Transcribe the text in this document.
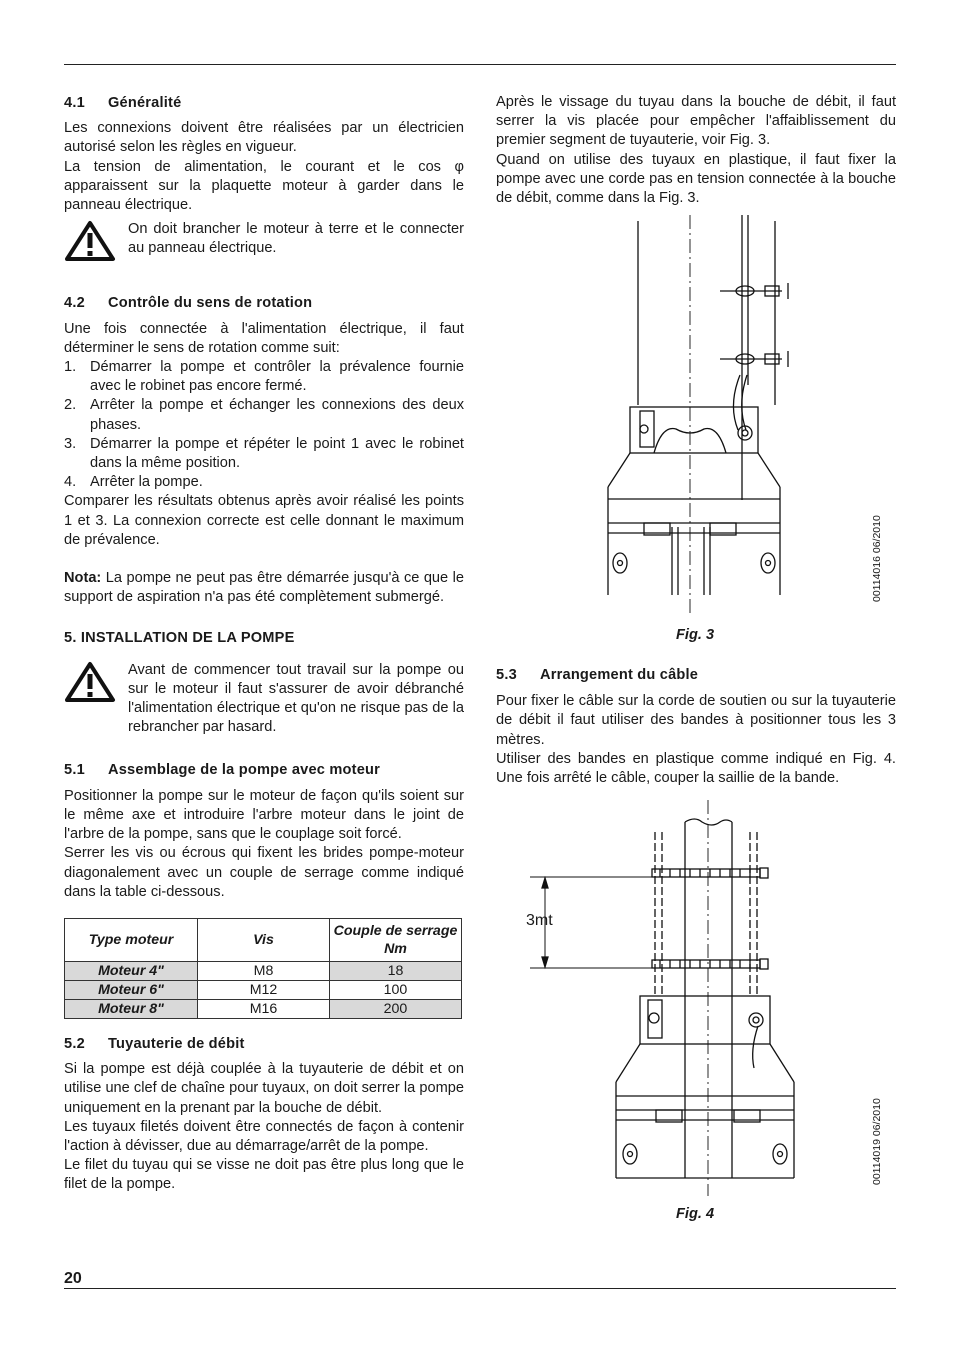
4.1 Généralité

Les connexions doivent être réalisées par un électricien autorisé selon les règles en vigueur.

La tension de alimentation, le courant et le cos φ apparaissent sur la plaquette moteur à garder dans le panneau électrique.

On doit brancher le moteur à terre et le connecter au panneau électrique.

4.2 Contrôle du sens de rotation

Une fois connectée à l'alimentation électrique, il faut déterminer le sens de rotation comme suit:

1. Démarrer la pompe et contrôler la prévalence fournie avec le robinet pas encore fermé.
2. Arrêter la pompe et échanger les connexions des deux phases.
3. Démarrer la pompe et répéter le point 1 avec le robinet dans la même position.
4. Arrêter la pompe.

Comparer les résultats obtenus après avoir réalisé les points 1 et 3. La connexion correcte est celle donnant le maximum de prévalence.

Nota: La pompe ne peut pas être démarrée jusqu'à ce que le support de aspiration n'a pas été complètement submergé.

5. INSTALLATION DE LA POMPE

Avant de commencer tout travail sur la pompe ou sur le moteur il faut s'assurer de avoir débranché l'alimentation électrique et qu'on ne risque pas de la rebrancher par hasard.

5.1 Assemblage de la pompe avec moteur

Positionner la pompe sur le moteur de façon qu'ils soient sur le même axe et introduire l'arbre moteur dans le joint de l'arbre de la pompe, sans que le couplage soit forcé.

Serrer les vis ou écrous qui fixent les brides pompe-moteur diagonalement avec un couple de serrage comme indiqué dans la table ci-dessous.

Type moteur	Vis	Couple de serrage Nm
Moteur 4"	M8	18
Moteur 6"	M12	100
Moteur 8"	M16	200

5.2 Tuyauterie de débit

Si la pompe est déjà couplée à la tuyauterie de débit et on utilise une clef de chaîne pour tuyaux, on doit serrer la pompe uniquement en la prenant par la bouche de débit.

Les tuyaux filetés doivent être connectés de façon à contenir l'action à dévisser, due au démarrage/arrêt de la pompe.

Le filet du tuyau qui se visse ne doit pas être plus long que le filet de la pompe.

Après le vissage du tuyau dans la bouche de débit, il faut serrer la vis placée pour empêcher l'affaiblissement du premier segment de tuyauterie, voir Fig. 3.

Quand on utilise des tuyaux en plastique, il faut fixer la pompe avec une corde pas en tension connectée à la bouche de débit, comme dans la Fig. 3.

Fig. 3
00114016 06/2010

5.3 Arrangement du câble

Pour fixer le câble sur la corde de soutien ou sur la tuyauterie de débit il faut utiliser des bandes à positionner tous les 3 mètres.

Utiliser des bandes en plastique comme indiqué en Fig. 4. Une fois arrêté le câble, couper la saillie de la bande.

3mt
Fig. 4
00114019 06/2010
20
